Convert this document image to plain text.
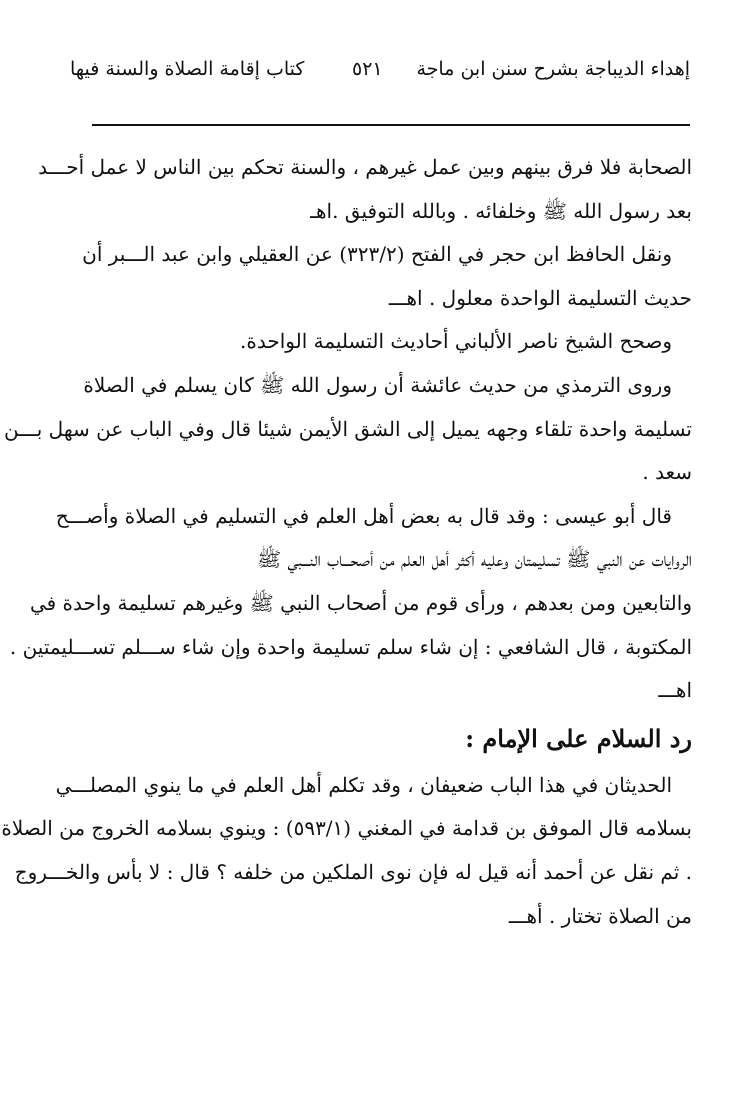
إهداء الديباجة بشرح سنن ابن ماجة
٥٢١
كتاب إقامة الصلاة والسنة فيها
الصحابة فلا فرق بينهم وبين عمل غيرهم ، والسنة تحكم بين الناس لا عمل أحـــد
بعد رسول الله ﷺ وخلفائه . وبالله التوفيق .اهـ
ونقل الحافظ ابن حجر في الفتح (٣٢٣/٢) عن العقيلي وابن عبد الـــبر أن
حديث التسليمة الواحدة معلول . اهـــ
وصحح الشيخ ناصر الألباني أحاديث التسليمة الواحدة.
وروى الترمذي من حديث عائشة أن رسول الله ﷺ كان يسلم في الصلاة
تسليمة واحدة تلقاء وجهه يميل إلى الشق الأيمن شيئا قال وفي الباب عن سهل بـــن
سعد .
قال أبو عيسى : وقد قال به بعض أهل العلم في التسليم في الصلاة وأصـــح
الروايات عن النبي ﷺ تسليمتان وعليه أكثر أهل العلم من أصحـــاب النـــبي ﷺ
والتابعين ومن بعدهم ، ورأى قوم من أصحاب النبي ﷺ وغيرهم تسليمة واحدة في
المكتوبة ، قال الشافعي : إن شاء سلم تسليمة واحدة وإن شاء ســـلم تســـليمتين .
اهـــ
رد السلام على الإمام :
الحديثان في هذا الباب ضعيفان ، وقد تكلم أهل العلم في ما ينوي المصلـــي
بسلامه قال الموفق بن قدامة في المغني (٥٩٣/١) : وينوي بسلامه الخروج من الصلاة
. ثم نقل عن أحمد أنه قيل له فإن نوى الملكين من خلفه ؟ قال : لا بأس والخـــروج
من الصلاة تختار . أهـــ
